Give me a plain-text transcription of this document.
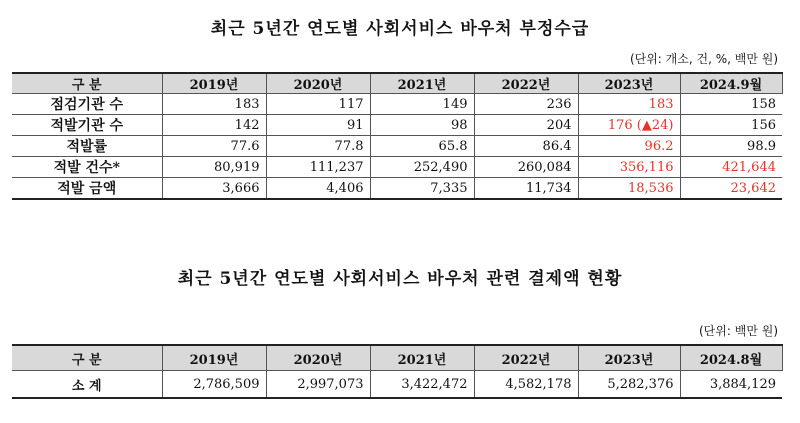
최근 5년간 연도별 사회서비스 바우처 부정수급
(단위: 개소, 건, %, 백만 원)
구 분	2019년	2020년	2021년	2022년	2023년	2024.9월
점검기관 수	183	117	149	236	183	158
적발기관 수	142	91	98	204	176 (▲24)	156
적발률	77.6	77.8	65.8	86.4	96.2	98.9
적발 건수*	80,919	111,237	252,490	260,084	356,116	421,644
적발 금액	3,666	4,406	7,335	11,734	18,536	23,642
최근 5년간 연도별 사회서비스 바우처 관련 결제액 현황
(단위: 백만 원)
구 분	2019년	2020년	2021년	2022년	2023년	2024.8월
소 계	2,786,509	2,997,073	3,422,472	4,582,178	5,282,376	3,884,129
